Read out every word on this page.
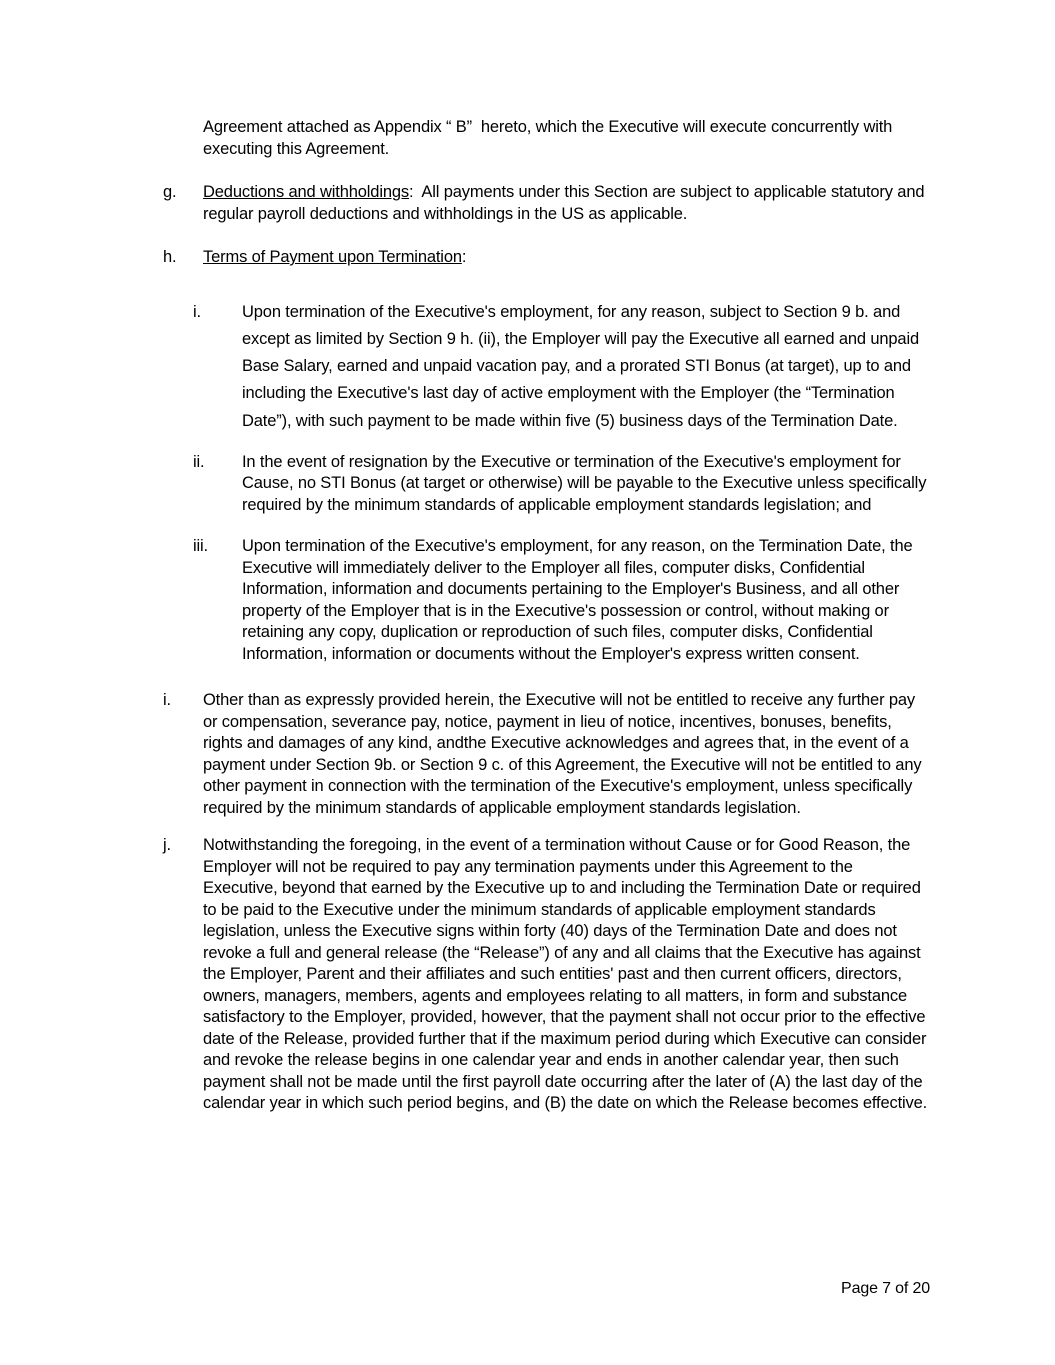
Agreement attached as Appendix “ B”  hereto, which the Executive will execute concurrently with executing this Agreement.
g.	Deductions and withholdings:  All payments under this Section are subject to applicable statutory and regular payroll deductions and withholdings in the US as applicable.
h.	Terms of Payment upon Termination:
i.	Upon termination of the Executive's employment, for any reason, subject to Section 9 b. and except as limited by Section 9 h. (ii), the Employer will pay the Executive all earned and unpaid Base Salary, earned and unpaid vacation pay, and a prorated STI Bonus (at target), up to and including the Executive's last day of active employment with the Employer (the “Termination Date”), with such payment to be made within five (5) business days of the Termination Date.
ii.	In the event of resignation by the Executive or termination of the Executive's employment for Cause, no STI Bonus (at target or otherwise) will be payable to the Executive unless specifically required by the minimum standards of applicable employment standards legislation; and
iii.	Upon termination of the Executive's employment, for any reason, on the Termination Date, the Executive will immediately deliver to the Employer all files, computer disks, Confidential Information, information and documents pertaining to the Employer's Business, and all other property of the Employer that is in the Executive's possession or control, without making or retaining any copy, duplication or reproduction of such files, computer disks, Confidential Information, information or documents without the Employer's express written consent.
i.	Other than as expressly provided herein, the Executive will not be entitled to receive any further pay or compensation, severance pay, notice, payment in lieu of notice, incentives, bonuses, benefits, rights and damages of any kind, andthe Executive acknowledges and agrees that, in the event of a payment under Section 9b. or Section 9 c. of this Agreement, the Executive will not be entitled to any other payment in connection with the termination of the Executive's employment, unless specifically required by the minimum standards of applicable employment standards legislation.
j.	Notwithstanding the foregoing, in the event of a termination without Cause or for Good Reason, the Employer will not be required to pay any termination payments under this Agreement to the Executive, beyond that earned by the Executive up to and including the Termination Date or required to be paid to the Executive under the minimum standards of applicable employment standards legislation, unless the Executive signs within forty (40) days of the Termination Date and does not revoke a full and general release (the “Release”) of any and all claims that the Executive has against the Employer, Parent and their affiliates and such entities' past and then current officers, directors, owners, managers, members, agents and employees relating to all matters, in form and substance satisfactory to the Employer, provided, however, that the payment shall not occur prior to the effective date of the Release, provided further that if the maximum period during which Executive can consider and revoke the release begins in one calendar year and ends in another calendar year, then such payment shall not be made until the first payroll date occurring after the later of (A) the last day of the calendar year in which such period begins, and (B) the date on which the Release becomes effective.
Page 7 of 20
